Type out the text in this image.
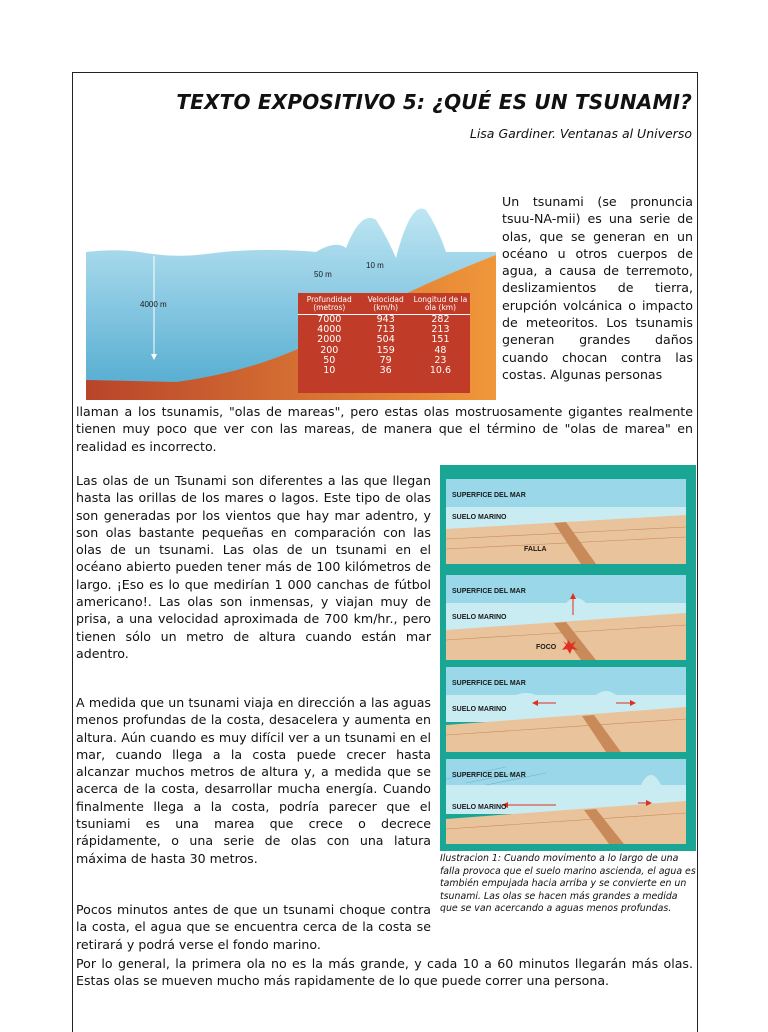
TEXTO EXPOSITIVO 5: ¿QUÉ ES UN TSUNAMI?
Lisa Gardiner. Ventanas al Universo
4000 m
50 m
10 m
Profundidad (metros)	Velocidad (km/h)	Longitud de la ola (km)
7000	943	282
4000	713	213
2000	504	151
200	159	48
50	79	23
10	36	10.6

Un tsunami (se pronuncia tsuu-NA-mii) es una serie de olas, que se generan en un océano u otros cuerpos de agua, a causa de terremoto, deslizamientos de tierra, erupción volcánica o impacto de meteoritos. Los tsunamis generan grandes daños cuando chocan contra las costas. Algunas personas

llaman a los tsunamis, "olas de mareas", pero estas olas mostruosamente gigantes realmente tienen muy poco que ver con las mareas, de manera que el término de "olas de marea" en realidad es incorrecto.

Las olas de un Tsunami son diferentes a las que llegan hasta las orillas de los mares o lagos. Este tipo de olas son generadas por los vientos que hay mar adentro, y son olas bastante pequeñas en comparación con las olas de un tsunami. Las olas de un tsunami en el océano abierto pueden tener más de 100 kilómetros de largo. ¡Eso es lo que medirían 1 000 canchas de fútbol americano!. Las olas son inmensas, y viajan muy de prisa, a una velocidad aproximada de 700 km/hr., pero tienen sólo un metro de altura cuando están mar adentro.

A medida que un tsunami viaja en dirección a las aguas menos profundas de la costa, desacelera y aumenta en altura. Aún cuando es muy difícil ver a un tsunami en el mar, cuando llega a la costa puede crecer hasta alcanzar muchos metros de altura y, a medida que se acerca de la costa, desarrollar mucha energía. Cuando finalmente llega a la costa, podría parecer que el tsuniami es una marea que crece o decrece rápidamente, o una serie de olas con una latura máxima de hasta 30 metros.

Pocos minutos antes de que un tsunami choque contra la costa, el agua que se encuentra cerca de la costa se retirará y podrá verse el fondo marino.

Por lo general, la primera ola no es la más grande, y cada 10 a 60 minutos llegarán más olas. Estas olas se mueven mucho más rapidamente de lo que puede correr una persona.

SUPERFICE DEL MAR
SUELO MARINO
FALLA
SUPERFICE DEL MAR
SUELO MARINO
FOCO
SUPERFICE DEL MAR
SUELO MARINO
SUPERFICE DEL MAR
SUELO MARINO

Ilustracion 1: Cuando movimento a lo largo de una falla provoca que el suelo marino ascienda, el agua es también empujada hacia arriba y se convierte en un tsunami. Las olas se hacen más grandes a medida que se van acercando a aguas menos profundas.
